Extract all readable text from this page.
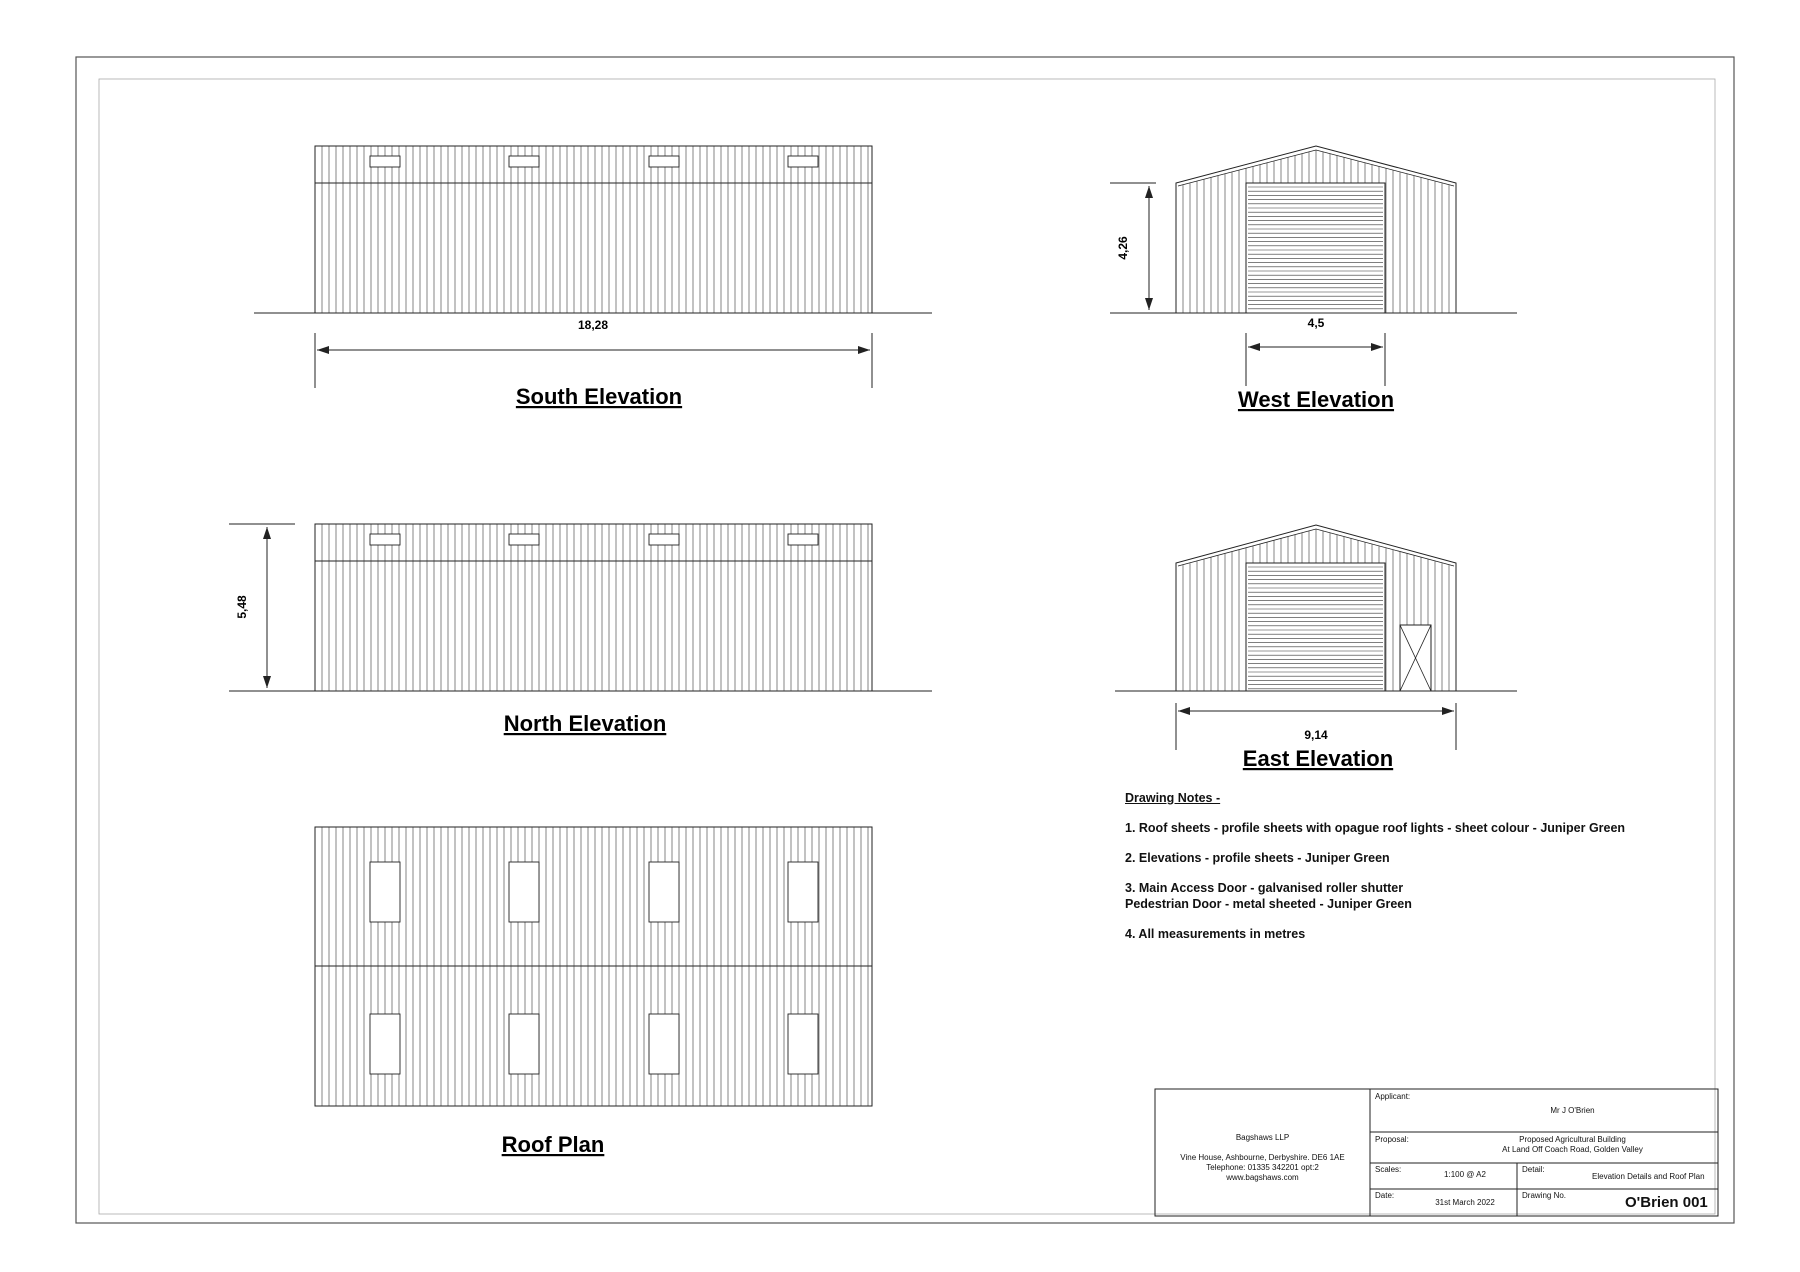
18,28
South Elevation
5,48
North Elevation
Roof Plan
4,26
4,5
West Elevation
9,14
East Elevation
Drawing Notes -
1. Roof sheets - profile sheets with opague roof lights - sheet colour - Juniper Green
2. Elevations - profile sheets - Juniper Green
3. Main Access Door - galvanised roller shutter
Pedestrian Door - metal sheeted - Juniper Green
4. All measurements in metres
Bagshaws LLP
Vine House, Ashbourne, Derbyshire. DE6 1AE
Telephone: 01335 342201 opt:2
www.bagshaws.com
Applicant:
Mr J O'Brien
Proposal:	Proposed Agricultural Building
At Land Off Coach Road, Golden Valley
Scales:
1:100 @ A2
Detail:
Elevation Details and Roof Plan
Date:
31st March 2022
Drawing No.	O'Brien 001
